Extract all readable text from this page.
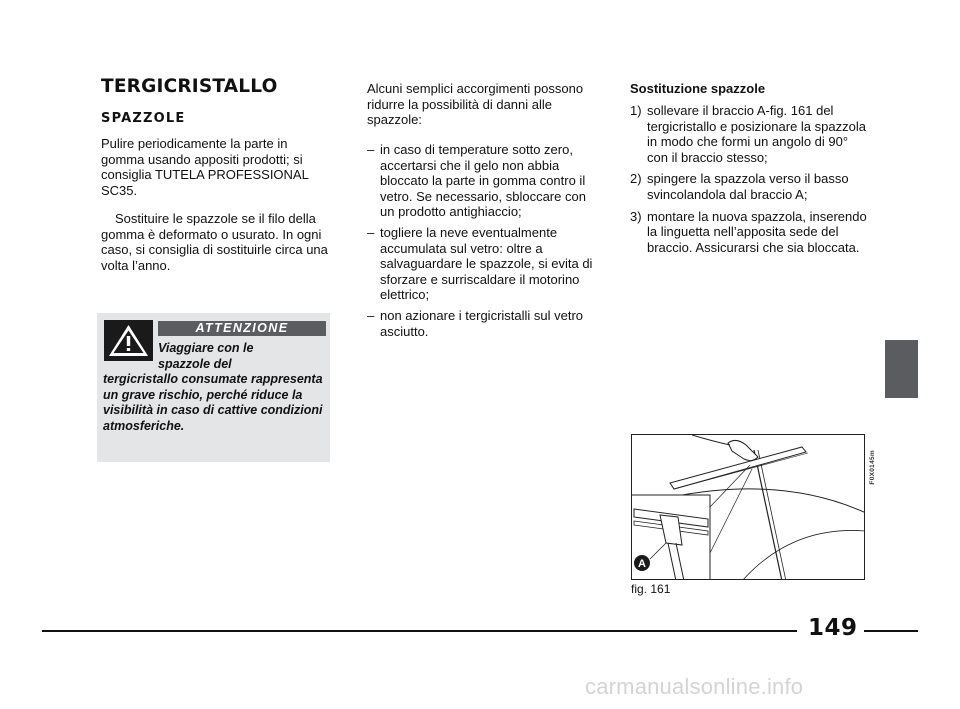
TERGICRISTALLO
SPAZZOLE
Pulire periodicamente la parte in gomma usando appositi prodotti; si consiglia TUTELA PROFESSIONAL SC35.
Sostituire le spazzole se il filo della gomma è deformato o usurato. In ogni caso, si consiglia di sostituirle circa una volta l’anno.
ATTENZIONE
Viaggiare con le
spazzole del
tergicristallo consumate rappresenta un grave rischio, perché riduce la visibilità in caso di cattive condizioni atmosferiche.
Alcuni semplici accorgimenti possono ridurre la possibilità di danni alle spazzole:
– in caso di temperature sotto zero, accertarsi che il gelo non abbia bloccato la parte in gomma contro il vetro. Se necessario, sbloccare con un prodotto antighiaccio;
– togliere la neve eventualmente accumulata sul vetro: oltre a salvaguardare le spazzole, si evita di sforzare e surriscaldare il motorino elettrico;
– non azionare i tergicristalli sul vetro asciutto.
Sostituzione spazzole
1) sollevare il braccio A-fig. 161 del tergicristallo e posizionare la spazzola in modo che formi un angolo di 90° con il braccio stesso;
2) spingere la spazzola verso il basso svincolandola dal braccio A;
3) montare la nuova spazzola, inserendo la linguetta nell’apposita sede del braccio. Assicurarsi che sia bloccata.
A
F0X0145m
fig. 161
149
carmanualsonline.info
